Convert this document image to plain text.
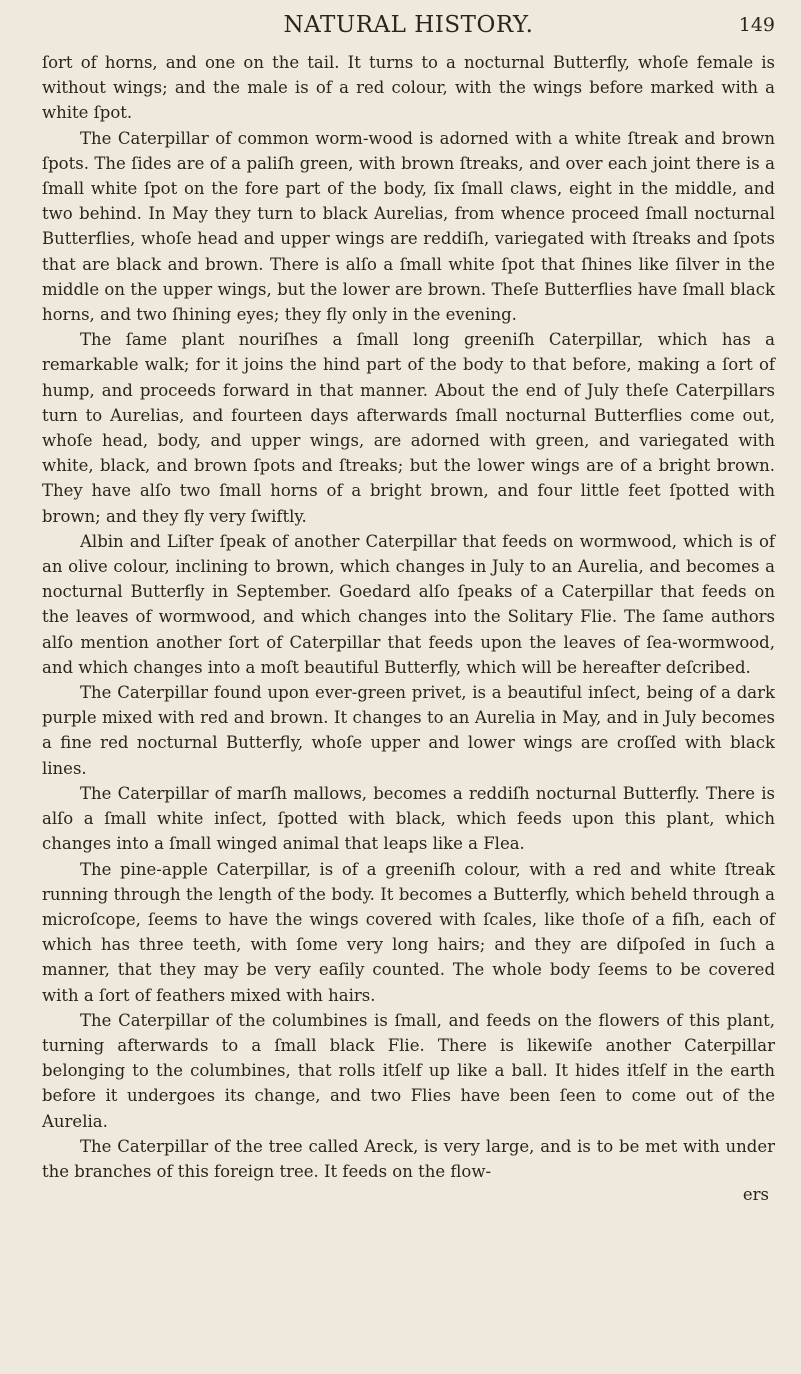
NATURAL HISTORY.	149

ſort of horns, and one on the tail. It turns to a nocturnal Butterfly, whoſe female is without wings; and the male is of a red colour, with the wings before marked with a white ſpot.

The Caterpillar of common worm-wood is adorned with a white ſtreak and brown ſpots. The ſides are of a paliſh green, with brown ſtreaks, and over each joint there is a ſmall white ſpot on the fore part of the body, ſix ſmall claws, eight in the middle, and two behind. In May they turn to black Aurelias, from whence proceed ſmall nocturnal Butterflies, whoſe head and upper wings are reddiſh, variegated with ſtreaks and ſpots that are black and brown. There is alſo a ſmall white ſpot that ſhines like ſilver in the middle on the upper wings, but the lower are brown. Theſe Butterflies have ſmall black horns, and two ſhining eyes; they fly only in the evening.

The ſame plant nouriſhes a ſmall long greeniſh Caterpillar, which has a remarkable walk; for it joins the hind part of the body to that before, making a ſort of hump, and proceeds forward in that manner. About the end of July theſe Caterpillars turn to Aurelias, and fourteen days afterwards ſmall nocturnal Butterflies come out, whoſe head, body, and upper wings, are adorned with green, and variegated with white, black, and brown ſpots and ſtreaks; but the lower wings are of a bright brown. They have alſo two ſmall horns of a bright brown, and four little feet ſpotted with brown; and they fly very ſwiftly.

Albin and Liſter ſpeak of another Caterpillar that feeds on wormwood, which is of an olive colour, inclining to brown, which changes in July to an Aurelia, and becomes a nocturnal Butterfly in September. Goedard alſo ſpeaks of a Caterpillar that feeds on the leaves of wormwood, and which changes into the Solitary Flie. The ſame authors alſo mention another ſort of Caterpillar that feeds upon the leaves of ſea-wormwood, and which changes into a moſt beautiful Butterfly, which will be hereafter deſcribed.

The Caterpillar found upon ever-green privet, is a beautiful inſect, being of a dark purple mixed with red and brown. It changes to an Aurelia in May, and in July becomes a fine red nocturnal Butterfly, whoſe upper and lower wings are croſſed with black lines.

The Caterpillar of marſh mallows, becomes a reddiſh nocturnal Butterfly. There is alſo a ſmall white inſect, ſpotted with black, which feeds upon this plant, which changes into a ſmall winged animal that leaps like a Flea.

The pine-apple Caterpillar, is of a greeniſh colour, with a red and white ſtreak running through the length of the body. It becomes a Butterfly, which beheld through a microſcope, ſeems to have the wings covered with ſcales, like thoſe of a fiſh, each of which has three teeth, with ſome very long hairs; and they are diſpoſed in ſuch a manner, that they may be very eaſily counted. The whole body ſeems to be covered with a ſort of feathers mixed with hairs.

The Caterpillar of the columbines is ſmall, and feeds on the flowers of this plant, turning afterwards to a ſmall black Flie. There is likewiſe another Caterpillar belonging to the columbines, that rolls itſelf up like a ball. It hides itſelf in the earth before it undergoes its change, and two Flies have been ſeen to come out of the Aurelia.

The Caterpillar of the tree called Areck, is very large, and is to be met with under the branches of this foreign tree. It feeds on the flow-

ers
